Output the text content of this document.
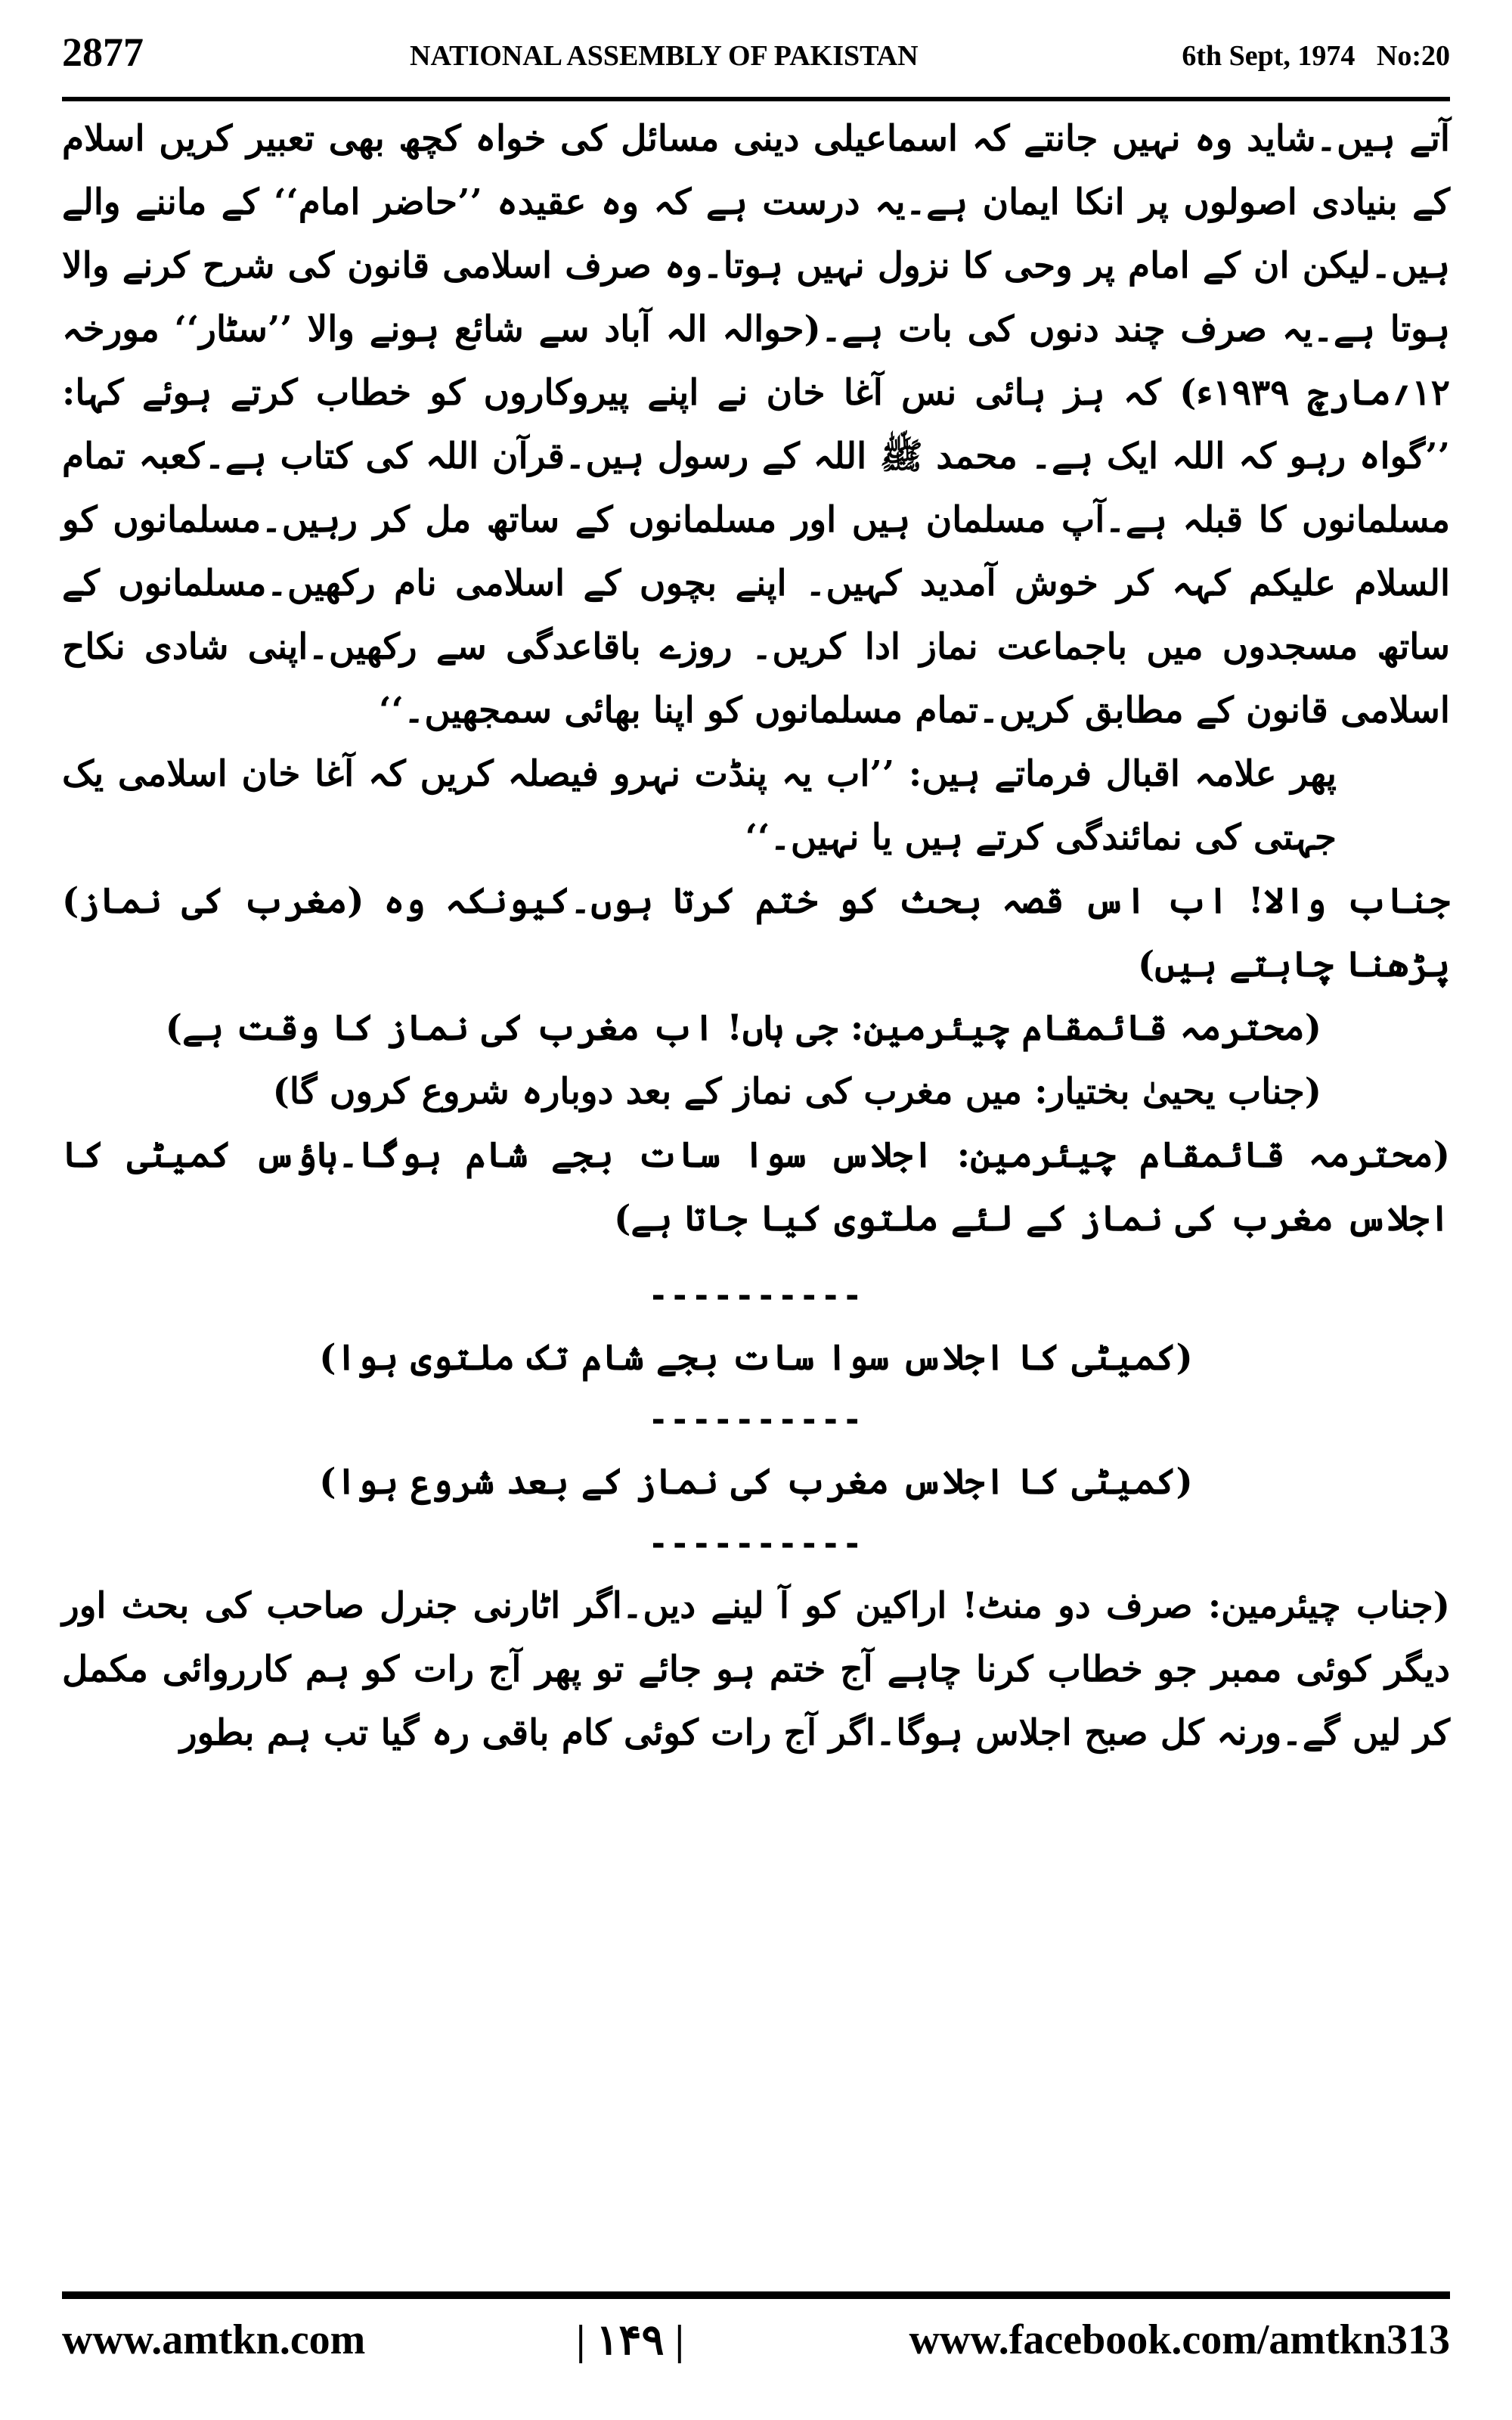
2877	NATIONAL ASSEMBLY OF PAKISTAN	6th Sept, 1974   No:20

آتے ہیں۔شاید وہ نہیں جانتے کہ اسماعیلی دینی مسائل کی خواہ کچھ بھی تعبیر کریں اسلام کے بنیادی اصولوں پر انکا ایمان ہے۔یہ درست ہے کہ وہ عقیدہ ’’حاضر امام‘‘ کے ماننے والے ہیں۔لیکن ان کے امام پر وحی کا نزول نہیں ہوتا۔وہ صرف اسلامی قانون کی شرح کرنے والا ہوتا ہے۔یہ صرف چند دنوں کی بات ہے۔(حوالہ الہ آباد سے شائع ہونے والا ’’سٹار‘‘ مورخہ ۱۲؍مارچ ۱۹۳۹ء) کہ ہز ہائی نس آغا خان نے اپنے پیروکاروں کو خطاب کرتے ہوئے کہا: ’’گواہ رہو کہ اللہ ایک ہے۔ محمد ﷺ اللہ کے رسول ہیں۔قرآن اللہ کی کتاب ہے۔کعبہ تمام مسلمانوں کا قبلہ ہے۔آپ مسلمان ہیں اور مسلمانوں کے ساتھ مل کر رہیں۔مسلمانوں کو السلام علیکم کہہ کر خوش آمدید کہیں۔ اپنے بچوں کے اسلامی نام رکھیں۔مسلمانوں کے ساتھ مسجدوں میں باجماعت نماز ادا کریں۔ روزے باقاعدگی سے رکھیں۔اپنی شادی نکاح اسلامی قانون کے مطابق کریں۔تمام مسلمانوں کو اپنا بھائی سمجھیں۔‘‘

پھر علامہ اقبال فرماتے ہیں: ’’اب یہ پنڈت نہرو فیصلہ کریں کہ آغا خان اسلامی یک جہتی کی نمائندگی کرتے ہیں یا نہیں۔‘‘

جناب والا! اب اس قصہ بحث کو ختم کرتا ہوں۔کیونکہ وہ (مغرب کی نماز) پڑھنا چاہتے ہیں)

(محترمہ قائمقام چیئرمین: جی ہاں! اب مغرب کی نماز کا وقت ہے)

(جناب یحییٰ بختیار: میں مغرب کی نماز کے بعد دوبارہ شروع کروں گا)

(محترمہ قائمقام چیئرمین: اجلاس سوا سات بجے شام ہوگا۔ہاؤس کمیٹی کا اجلاس مغرب کی نماز کے لئے ملتوی کیا جاتا ہے)

----------

(کمیٹی کا اجلاس سوا سات بجے شام تک ملتوی ہوا)

----------

(کمیٹی کا اجلاس مغرب کی نماز کے بعد شروع ہوا)

----------

(جناب چیئرمین: صرف دو منٹ! اراکین کو آ لینے دیں۔اگر اٹارنی جنرل صاحب کی بحث اور دیگر کوئی ممبر جو خطاب کرنا چاہے آج ختم ہو جائے تو پھر آج رات کو ہم کارروائی مکمل کر لیں گے۔ورنہ کل صبح اجلاس ہوگا۔اگر آج رات کوئی کام باقی رہ گیا تب ہم بطور

www.amtkn.com	| ۱۴۹ |	www.facebook.com/amtkn313
